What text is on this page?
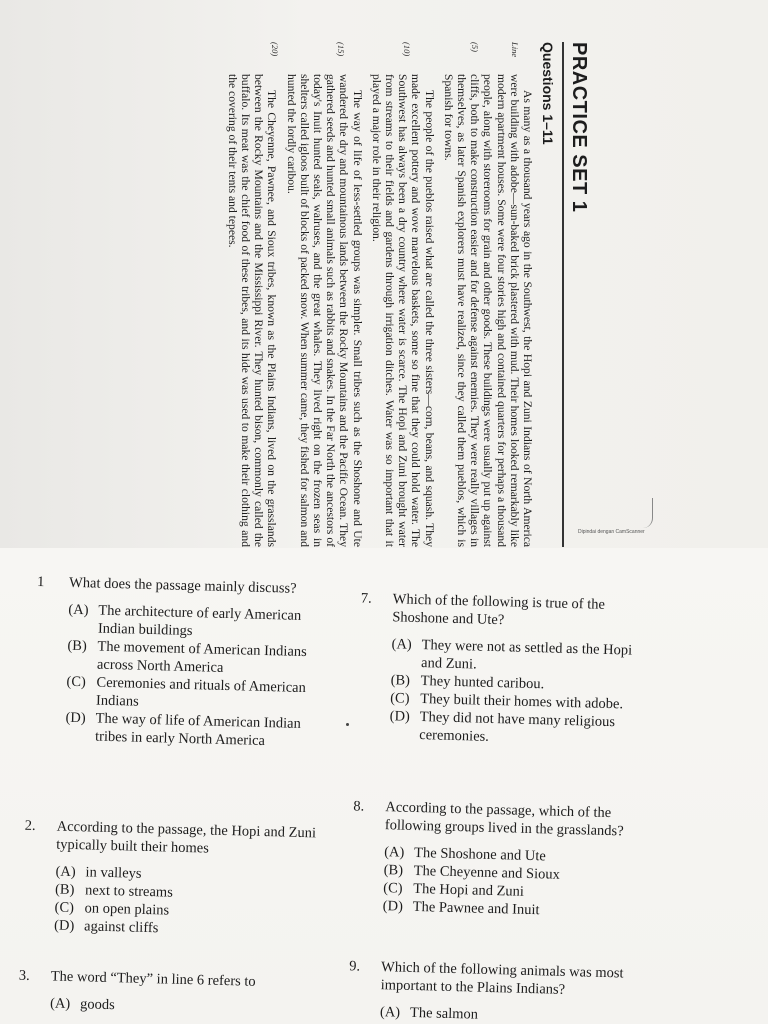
PRACTICE SET 1
Questions 1–11
Line
(5)
(10)
(15)
(20)

As many as a thousand years ago in the Southwest, the Hopi and Zuni Indians of North America were building with adobe—sun-baked brick plastered with mud. Their homes looked remarkably like modern apartment houses. Some were four stories high and contained quarters for perhaps a thousand people, along with storerooms for grain and other goods. These buildings were usually put up against cliffs, both to make construction easier and for defense against enemies. They were really villages in themselves, as later Spanish explorers must have realized, since they called them pueblos, which is Spanish for towns.

The people of the pueblos raised what are called the three sisters—corn, beans, and squash. They made excellent pottery and wove marvelous baskets, some so fine that they could hold water. The Southwest has always been a dry country where water is scarce. The Hopi and Zuni brought water from streams to their fields and gardens through irrigation ditches. Water was so important that it played a major role in their religion.

The way of life of less-settled groups was simpler. Small tribes such as the Shoshone and Ute wandered the dry and mountainous lands between the Rocky Mountains and the Pacific Ocean. They gathered seeds and hunted small animals such as rabbits and snakes. In the Far North the ancestors of today's Inuit hunted seals, walruses, and the great whales. They lived right on the frozen seas in shelters called igloos built of blocks of packed snow. When summer came, they fished for salmon and hunted the lordly caribou.

The Cheyenne, Pawnee, and Sioux tribes, known as the Plains Indians, lived on the grasslands between the Rocky Mountains and the Mississippi River. They hunted bison, commonly called the buffalo. Its meat was the chief food of these tribes, and its hide was used to make their clothing and the covering of their tents and tepees.

Dipindai dengan CamScanner
1 What does the passage mainly discuss?
(A) The architecture of early American Indian buildings
(B) The movement of American Indians across North America
(C) Ceremonies and rituals of American Indians
(D) The way of life of American Indian tribes in early North America
2. According to the passage, the Hopi and Zuni typically built their homes
(A) in valleys
(B) next to streams
(C) on open plains
(D) against cliffs
3. The word “They” in line 6 refers to
(A) goods
7. Which of the following is true of the Shoshone and Ute?
(A) They were not as settled as the Hopi and Zuni.
(B) They hunted caribou.
(C) They built their homes with adobe.
(D) They did not have many religious ceremonies.
8. According to the passage, which of the following groups lived in the grasslands?
(A) The Shoshone and Ute
(B) The Cheyenne and Sioux
(C) The Hopi and Zuni
(D) The Pawnee and Inuit
9. Which of the following animals was most important to the Plains Indians?
(A) The salmon
